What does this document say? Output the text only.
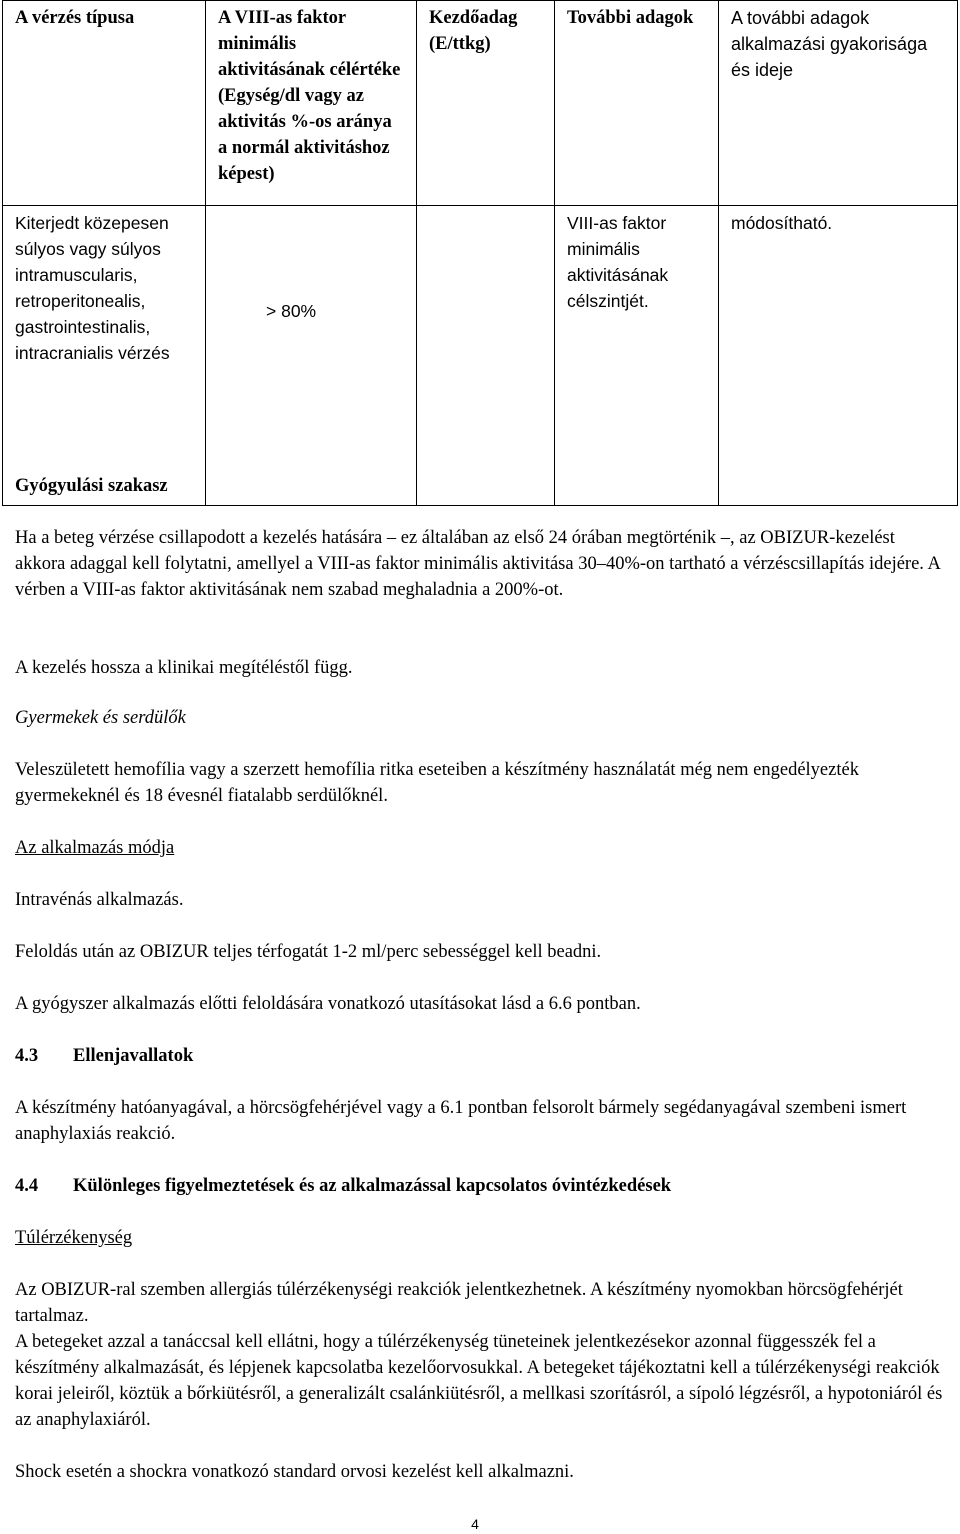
A vérzés típusa	A VIII-as faktor minimális aktivitásának célértéke (Egység/dl vagy az aktivitás %-os aránya a normál aktivitáshoz képest)	Kezdőadag (E/ttkg)	További adagok	A további adagok alkalmazási gyakorisága és ideje
Kiterjedt közepesen súlyos vagy súlyos intramuscularis, retroperitonealis, gastrointestinalis, intracranialis vérzés	> 80%		VIII-as faktor minimális aktivitásának célszintjét.	módosítható.

Gyógyulási szakasz

Ha a beteg vérzése csillapodott a kezelés hatására – ez általában az első 24 órában megtörténik –, az OBIZUR-kezelést akkora adaggal kell folytatni, amellyel a VIII-as faktor minimális aktivitása 30–40%-on tartható a vérzéscsillapítás idejére. A vérben a VIII-as faktor aktivitásának nem szabad meghaladnia a 200%-ot.

A kezelés hossza a klinikai megítéléstől függ.

Gyermekek és serdülők

Veleszületett hemofília vagy a szerzett hemofília ritka eseteiben a készítmény használatát még nem engedélyezték gyermekeknél és 18 évesnél fiatalabb serdülőknél.

Az alkalmazás módja

Intravénás alkalmazás.

Feloldás után az OBIZUR teljes térfogatát 1-2 ml/perc sebességgel kell beadni.

A gyógyszer alkalmazás előtti feloldására vonatkozó utasításokat lásd a 6.6 pontban.

4.3 Ellenjavallatok

A készítmény hatóanyagával, a hörcsögfehérjével vagy a 6.1 pontban felsorolt bármely segédanyagával szembeni ismert anaphylaxiás reakció.

4.4 Különleges figyelmeztetések és az alkalmazással kapcsolatos óvintézkedések

Túlérzékenység

Az OBIZUR-ral szemben allergiás túlérzékenységi reakciók jelentkezhetnek. A készítmény nyomokban hörcsögfehérjét tartalmaz.

A betegeket azzal a tanáccsal kell ellátni, hogy a túlérzékenység tüneteinek jelentkezésekor azonnal függesszék fel a készítmény alkalmazását, és lépjenek kapcsolatba kezelőorvosukkal. A betegeket tájékoztatni kell a túlérzékenységi reakciók korai jeleiről, köztük a bőrkiütésről, a generalizált csalánkiütésről, a mellkasi szorításról, a sípoló légzésről, a hypotoniáról és az anaphylaxiáról.

Shock esetén a shockra vonatkozó standard orvosi kezelést kell alkalmazni.

4
